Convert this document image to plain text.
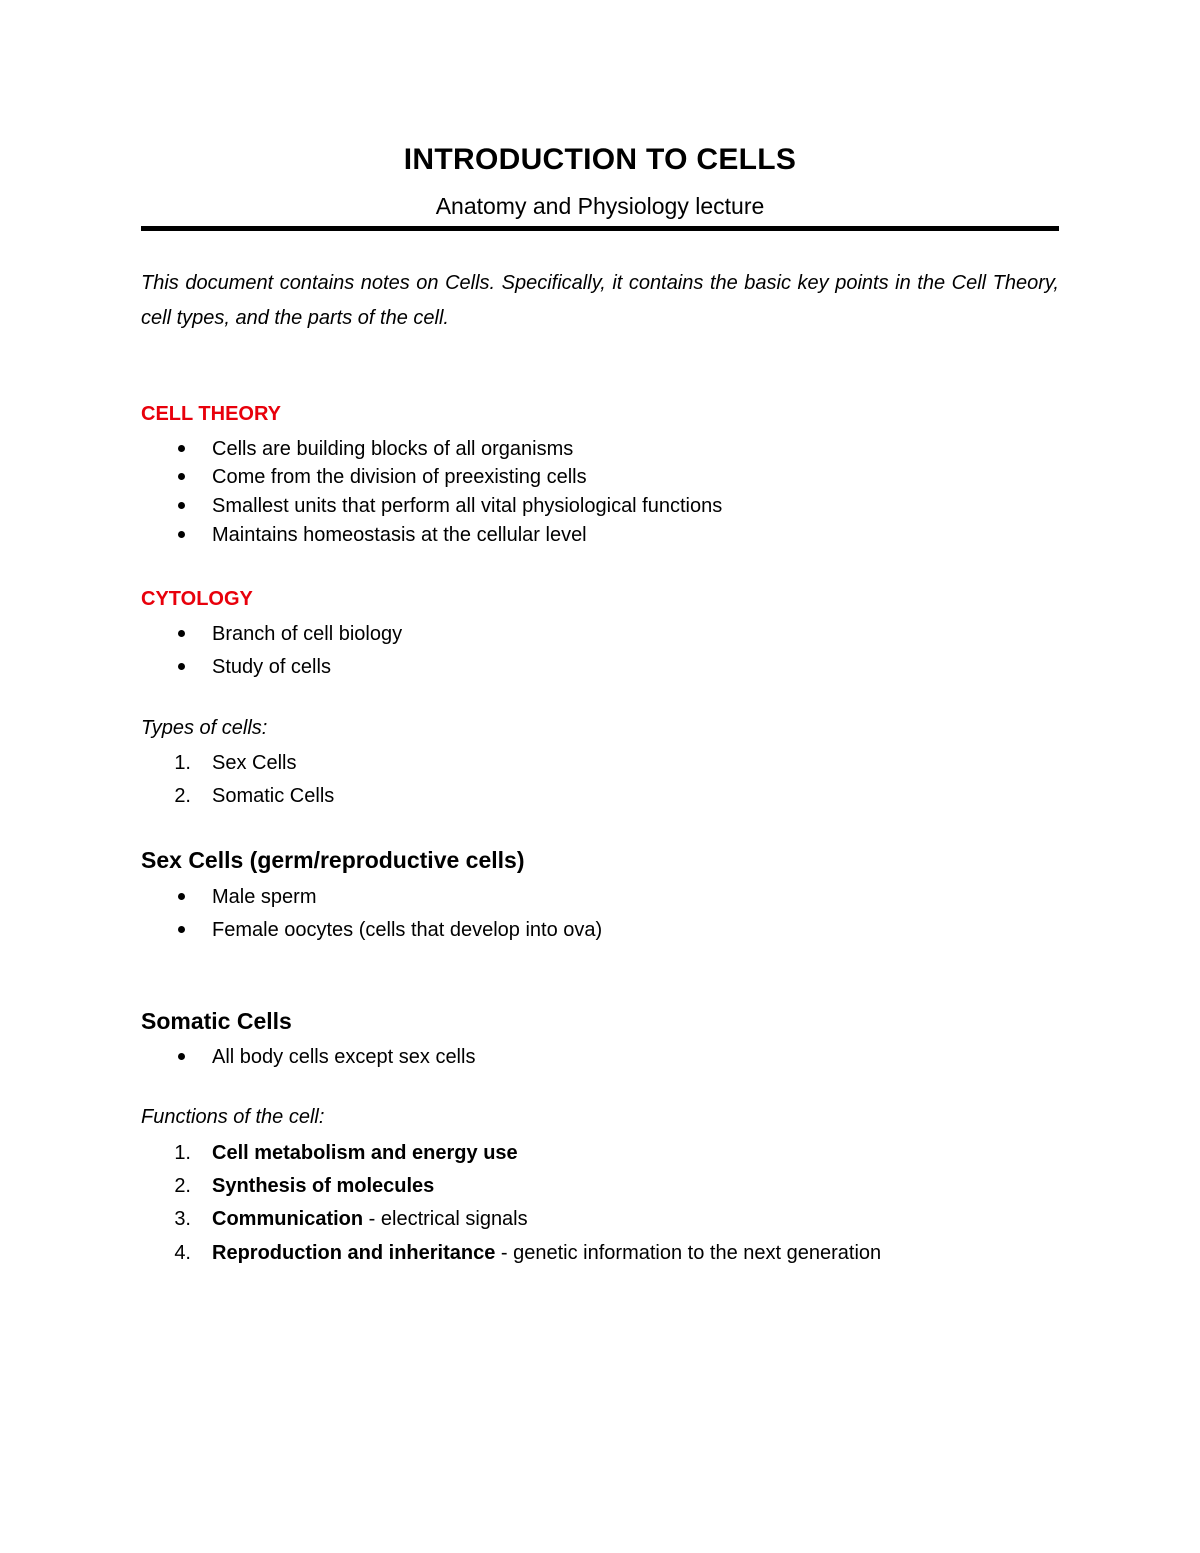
INTRODUCTION TO CELLS
Anatomy and Physiology lecture

This document contains notes on Cells. Specifically, it contains the basic key points in the Cell Theory, cell types, and the parts of the cell.

CELL THEORY
Cells are building blocks of all organisms
Come from the division of preexisting cells
Smallest units that perform all vital physiological functions
Maintains homeostasis at the cellular level
CYTOLOGY
Branch of cell biology
Study of cells
Types of cells:
1. Sex Cells
2. Somatic Cells
Sex Cells (germ/reproductive cells)
Male sperm
Female oocytes (cells that develop into ova)
Somatic Cells
All body cells except sex cells
Functions of the cell:
1. Cell metabolism and energy use
2. Synthesis of molecules
3. Communication - electrical signals
4. Reproduction and inheritance - genetic information to the next generation
